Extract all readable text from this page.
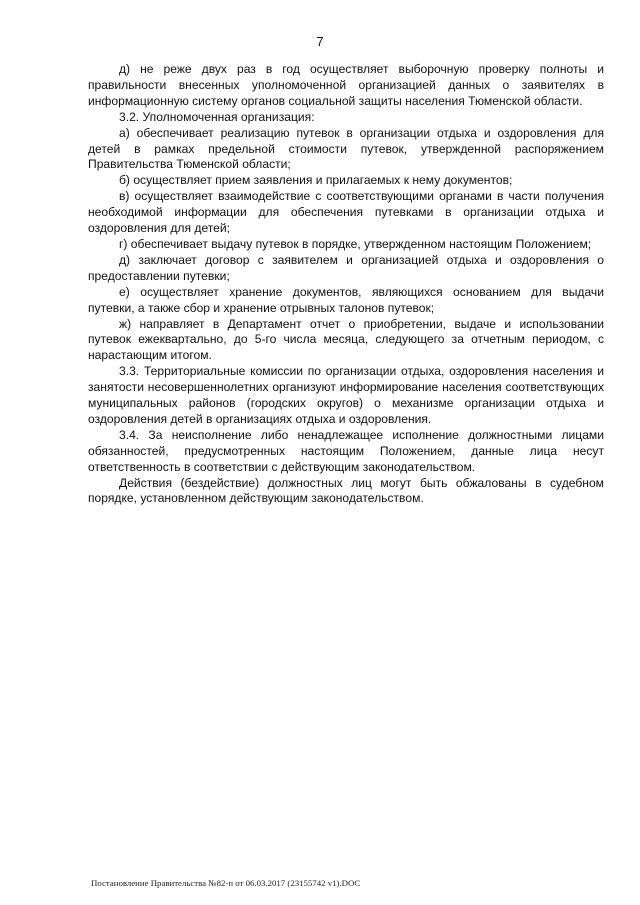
7

д) не реже двух раз в год осуществляет выборочную проверку полноты и правильности внесенных уполномоченной организацией данных о заявителях в информационную систему органов социальной защиты населения Тюменской области.

3.2. Уполномоченная организация:

а) обеспечивает реализацию путевок в организации отдыха и оздоровления для детей в рамках предельной стоимости путевок, утвержденной распоряжением Правительства Тюменской области;

б) осуществляет прием заявления и прилагаемых к нему документов;

в) осуществляет взаимодействие с соответствующими органами в части получения необходимой информации для обеспечения путевками в организации отдыха и оздоровления для детей;

г) обеспечивает выдачу путевок в порядке, утвержденном настоящим Положением;

д) заключает договор с заявителем и организацией отдыха и оздоровления о предоставлении путевки;

е) осуществляет хранение документов, являющихся основанием для выдачи путевки, а также сбор и хранение отрывных талонов путевок;

ж) направляет в Департамент отчет о приобретении, выдаче и использовании путевок ежеквартально, до 5-го числа месяца, следующего за отчетным периодом, с нарастающим итогом.

3.3. Территориальные комиссии по организации отдыха, оздоровления населения и занятости несовершеннолетних организуют информирование населения соответствующих муниципальных районов (городских округов) о механизме организации отдыха и оздоровления детей в организациях отдыха и оздоровления.

3.4. За неисполнение либо ненадлежащее исполнение должностными лицами обязанностей, предусмотренных настоящим Положением, данные лица несут ответственность в соответствии с действующим законодательством.

Действия (бездействие) должностных лиц могут быть обжалованы в судебном порядке, установленном действующим законодательством.

Постановление Правительства №82-п от 06.03.2017 (23155742 v1).DOC
